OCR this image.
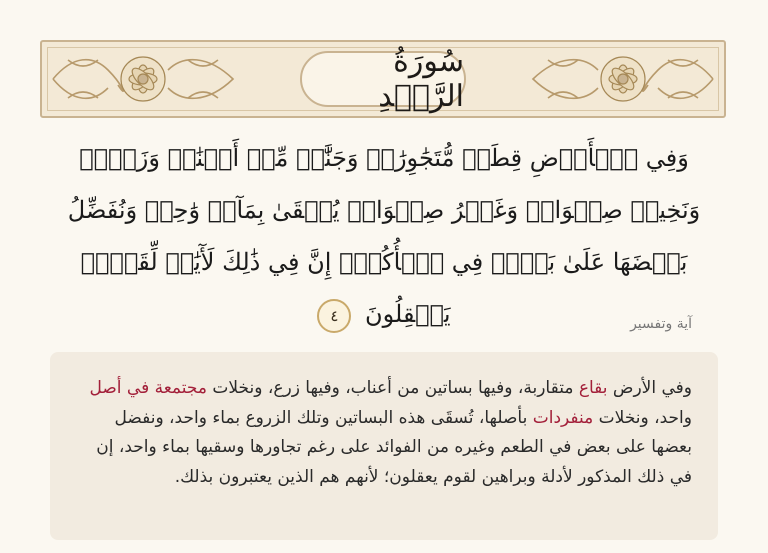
سُورَةُ الرَّعۡدِ
وَفِي ٱلۡأَرۡضِ قِطَعٞ مُّتَجَٰوِرَٰتٞ وَجَنَّٰتٞ مِّنۡ أَعۡنَٰبٖ وَزَرۡعٞ وَنَخِيلٞ صِنۡوَانٞ وَغَيۡرُ صِنۡوَانٖ يُسۡقَىٰ بِمَآءٖ وَٰحِدٖ وَنُفَضِّلُ بَعۡضَهَا عَلَىٰ بَعۡضٖ فِي ٱلۡأُكُلِۚ إِنَّ فِي ذَٰلِكَ لَأٓيَٰتٖ لِّقَوۡمٖ يَعۡقِلُونَ ٤	آية وتفسير
وفي الأرض بقاع متقاربة، وفيها بساتين من أعناب، وفيها زرع، ونخلات مجتمعة في أصل واحد، ونخلات منفردات بأصلها، تُسقَى هذه البساتين وتلك الزروع بماء واحد، ونفضل بعضها على بعض في الطعم وغيره من الفوائد على رغم تجاورها وسقيها بماء واحد، إن في ذلك المذكور لأدلة وبراهين لقوم يعقلون؛ لأنهم هم الذين يعتبرون بذلك.
